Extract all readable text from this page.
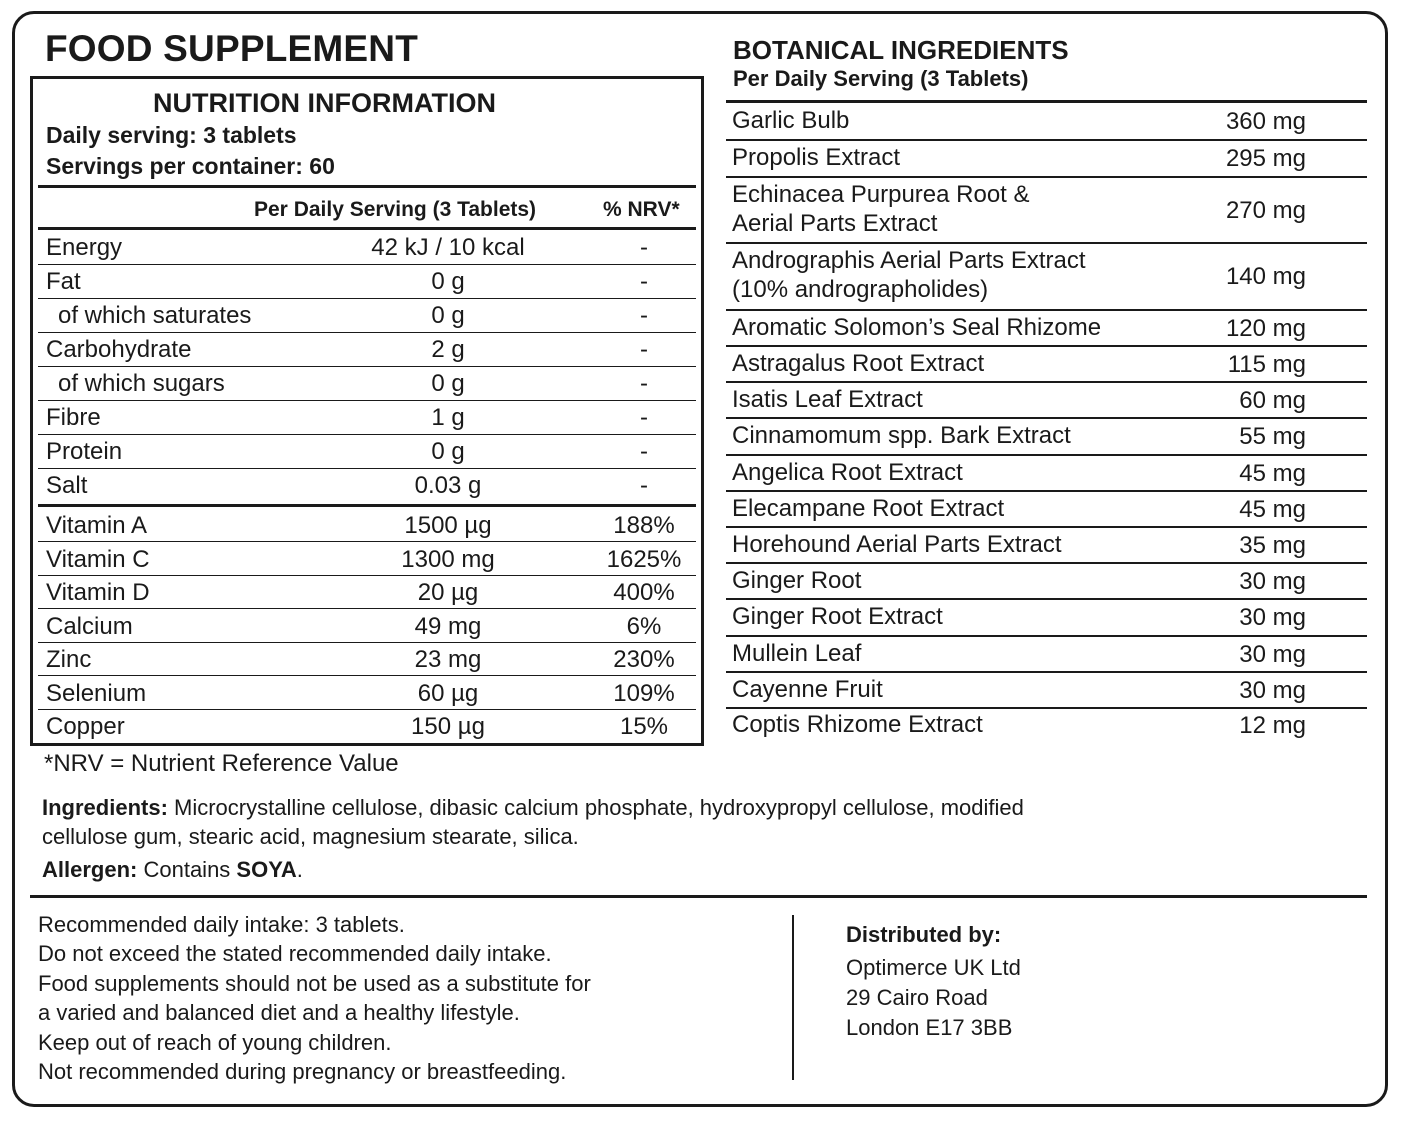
FOOD SUPPLEMENT
NUTRITION INFORMATION
Daily serving: 3 tablets
Servings per container: 60
Per Daily Serving (3 Tablets)	% NRV*
Energy	42 kJ / 10 kcal	-
Fat	0 g	-
of which saturates	0 g	-
Carbohydrate	2 g	-
of which sugars	0 g	-
Fibre	1 g	-
Protein	0 g	-
Salt	0.03 g	-
Vitamin A	1500 µg	188%
Vitamin C	1300 mg	1625%
Vitamin D	20 µg	400%
Calcium	49 mg	6%
Zinc	23 mg	230%
Selenium	60 µg	109%
Copper	150 µg	15%
*NRV = Nutrient Reference Value
Ingredients: Microcrystalline cellulose, dibasic calcium phosphate, hydroxypropyl cellulose, modified cellulose gum, stearic acid, magnesium stearate, silica.
Allergen: Contains SOYA.
BOTANICAL INGREDIENTS
Per Daily Serving (3 Tablets)
Garlic Bulb	360 mg
Propolis Extract	295 mg
Echinacea Purpurea Root &
Aerial Parts Extract	270 mg
Andrographis Aerial Parts Extract
(10% andrographolides)	140 mg
Aromatic Solomon’s Seal Rhizome	120 mg
Astragalus Root Extract	115 mg
Isatis Leaf Extract	60 mg
Cinnamomum spp. Bark Extract	55 mg
Angelica Root Extract	45 mg
Elecampane Root Extract	45 mg
Horehound Aerial Parts Extract	35 mg
Ginger Root	30 mg
Ginger Root Extract	30 mg
Mullein Leaf	30 mg
Cayenne Fruit	30 mg
Coptis Rhizome Extract	12 mg
Recommended daily intake: 3 tablets.
Do not exceed the stated recommended daily intake.
Food supplements should not be used as a substitute for
a varied and balanced diet and a healthy lifestyle.
Keep out of reach of young children.
Not recommended during pregnancy or breastfeeding.
Distributed by:
Optimerce UK Ltd
29 Cairo Road
London E17 3BB
